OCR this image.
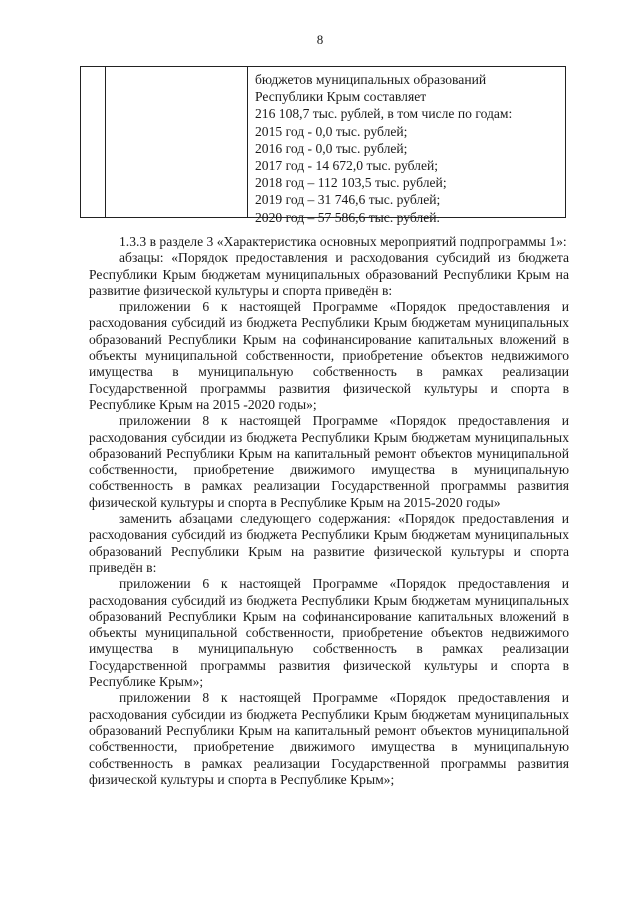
8
бюджетов муниципальных образований
Республики Крым составляет
216 108,7 тыс. рублей, в том числе по годам:
2015 год - 0,0 тыс. рублей;
2016 год - 0,0 тыс. рублей;
2017 год - 14 672,0 тыс. рублей;
2018 год – 112 103,5 тыс. рублей;
2019 год – 31 746,6 тыс. рублей;
2020 год – 57 586,6 тыс. рублей.

1.3.3 в разделе 3 «Характеристика основных мероприятий подпрограммы 1»:

абзацы: «Порядок предоставления и расходования субсидий из бюджета Республики Крым бюджетам муниципальных образований Республики Крым на развитие физической культуры и спорта приведён в:

приложении 6 к настоящей Программе «Порядок предоставления и расходования субсидий из бюджета Республики Крым бюджетам муниципальных образований Республики Крым на софинансирование капитальных вложений в объекты муниципальной собственности, приобретение объектов недвижимого имущества в муниципальную собственность в рамках реализации Государственной программы развития физической культуры и спорта в Республике Крым на 2015 -2020 годы»;

приложении 8 к настоящей Программе «Порядок предоставления и расходования субсидии из бюджета Республики Крым бюджетам муниципальных образований Республики Крым на капитальный ремонт объектов муниципальной собственности, приобретение движимого имущества в муниципальную собственность в рамках реализации Государственной программы развития физической культуры и спорта в Республике Крым на 2015-2020 годы»

заменить абзацами следующего содержания: «Порядок предоставления и расходования субсидий из бюджета Республики Крым бюджетам муниципальных образований Республики Крым на развитие физической культуры и спорта приведён в:

приложении 6 к настоящей Программе «Порядок предоставления и расходования субсидий из бюджета Республики Крым бюджетам муниципальных образований Республики Крым на софинансирование капитальных вложений в объекты муниципальной собственности, приобретение объектов недвижимого имущества в муниципальную собственность в рамках реализации Государственной программы развития физической культуры и спорта в Республике Крым»;

приложении 8 к настоящей Программе «Порядок предоставления и расходования субсидии из бюджета Республики Крым бюджетам муниципальных образований Республики Крым на капитальный ремонт объектов муниципальной собственности, приобретение движимого имущества в муниципальную собственность в рамках реализации Государственной программы развития физической культуры и спорта в Республике Крым»;
